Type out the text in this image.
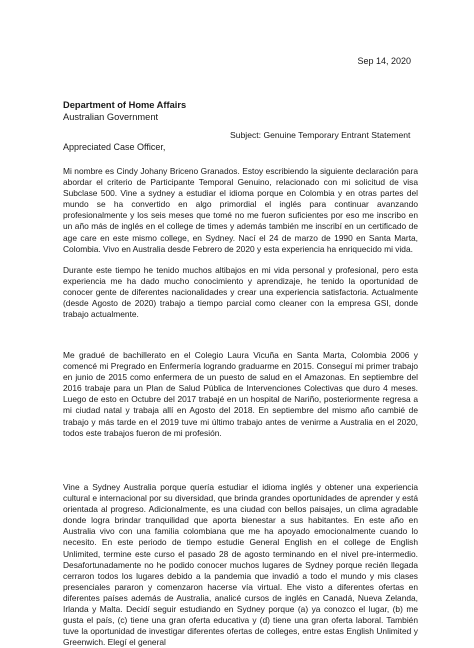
Sep 14, 2020
Department of Home Affairs
Australian Government
Subject: Genuine Temporary Entrant Statement
Appreciated Case Officer,
Mi nombre es Cindy Johany Briceno Granados. Estoy escribiendo la siguiente declaración para abordar el criterio de Participante Temporal Genuino, relacionado con mi solicitud de visa Subclase 500. Vine a sydney a estudiar el idioma porque en Colombia y en otras partes del mundo se ha convertido en algo primordial el inglés para continuar avanzando profesionalmente y los seis meses que tomé no me fueron suficientes por eso me inscribo en un año más de inglés en el college de times y además también me inscribí en un certificado de age care en este mismo college, en Sydney. Nací el 24 de marzo de 1990 en Santa Marta, Colombia. Vivo en Australia desde Febrero de 2020 y esta experiencia ha enriquecido mi vida.
Durante este tiempo he tenido muchos altibajos en mi vida personal y profesional, pero esta experiencia me ha dado mucho conocimiento y aprendizaje, he tenido la oportunidad de conocer gente de diferentes nacionalidades y crear una experiencia satisfactoria. Actualmente (desde Agosto de 2020) trabajo a tiempo parcial como cleaner con la empresa GSI, donde trabajo actualmente.
Me gradué de bachillerato en el Colegio Laura Vicuña en Santa Marta, Colombia 2006 y comencé mi Pregrado en Enfermería logrando graduarme en 2015. Conseguí mi primer trabajo en junio de 2015 como enfermera de un puesto de salud en el Amazonas. En septiembre del 2016 trabaje para un Plan de Salud Pública de Intervenciones Colectivas que duro 4 meses. Luego de esto en Octubre del 2017 trabajé en un hospital de Nariño, posteriormente regresa a mi ciudad natal y trabaja allí en Agosto del 2018. En septiembre del mismo año cambié de trabajo y más tarde en el 2019 tuve mi último trabajo antes de venirme a Australia en el 2020, todos este trabajos fueron de mi profesión.
Vine a Sydney Australia porque quería estudiar el idioma inglés y obtener una experiencia cultural e internacional por su diversidad, que brinda grandes oportunidades de aprender y está orientada al progreso. Adicionalmente, es una ciudad con bellos paisajes, un clima agradable donde logra brindar tranquilidad que aporta bienestar a sus habitantes. En este año en Australia vivo con una familia colombiana que me ha apoyado emocionalmente cuando lo necesito. En este periodo de tiempo estudie General English en el college de English Unlimited, termine este curso el pasado 28 de agosto terminando en el nivel pre-intermedio. Desafortunadamente no he podido conocer muchos lugares de Sydney porque recién llegada cerraron todos los lugares debido a la pandemia que invadió a todo el mundo y mis clases presenciales pararon y comenzaron hacerse vía virtual. Ehe visto a diferentes ofertas en diferentes países además de Australia, analicé cursos de inglés en Canadá, Nueva Zelanda, Irlanda y Malta. Decidí seguir estudiando en Sydney porque (a) ya conozco el lugar, (b) me gusta el país, (c) tiene una gran oferta educativa y (d) tiene una gran oferta laboral. También tuve la oportunidad de investigar diferentes ofertas de colleges, entre estas English Unlimited y Greenwich. Elegí el general
